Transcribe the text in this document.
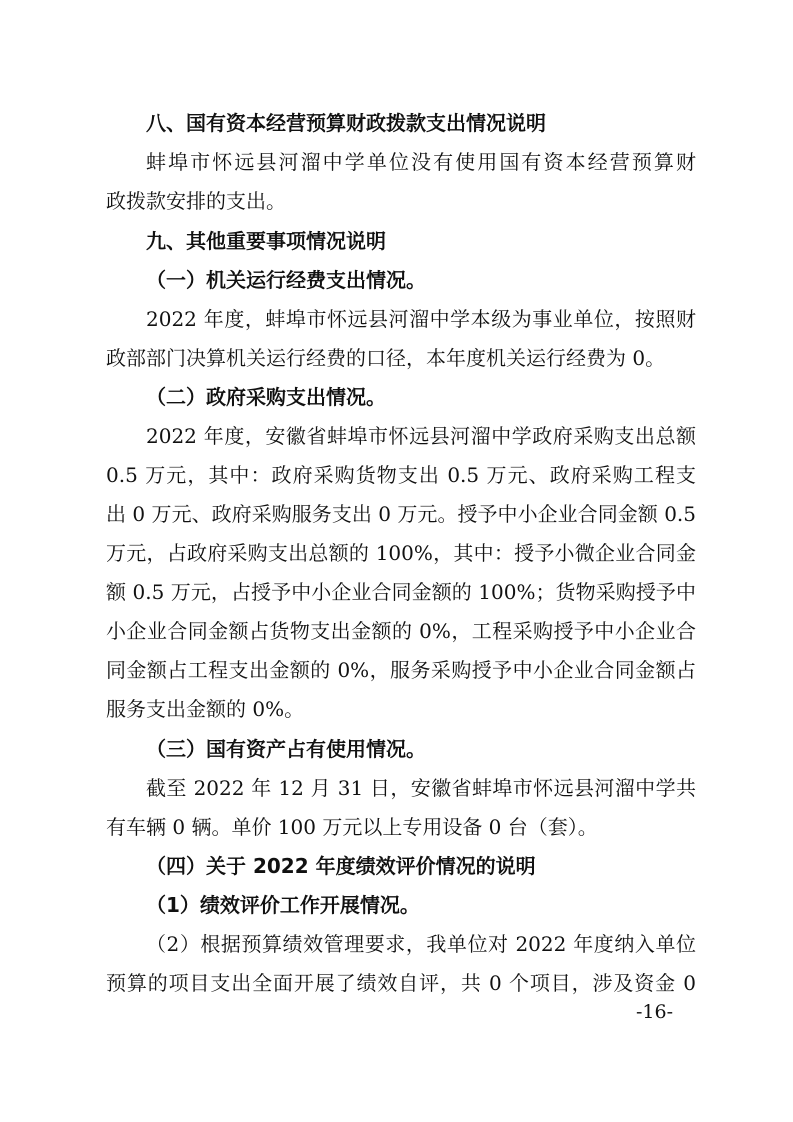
八、国有资本经营预算财政拨款支出情况说明
蚌埠市怀远县河溜中学单位没有使用国有资本经营预算财
政拨款安排的支出。
九、其他重要事项情况说明
（一）机关运行经费支出情况。
2022 年度，蚌埠市怀远县河溜中学本级为事业单位，按照财
政部部门决算机关运行经费的口径，本年度机关运行经费为 0。
（二）政府采购支出情况。
2022 年度，安徽省蚌埠市怀远县河溜中学政府采购支出总额
0.5 万元，其中：政府采购货物支出 0.5 万元、政府采购工程支
出 0 万元、政府采购服务支出 0 万元。授予中小企业合同金额 0.5
万元，占政府采购支出总额的 100%，其中：授予小微企业合同金
额 0.5 万元，占授予中小企业合同金额的 100%；货物采购授予中
小企业合同金额占货物支出金额的 0%，工程采购授予中小企业合
同金额占工程支出金额的 0%，服务采购授予中小企业合同金额占
服务支出金额的 0%。
（三）国有资产占有使用情况。
截至 2022 年 12 月 31 日，安徽省蚌埠市怀远县河溜中学共
有车辆 0 辆。单价 100 万元以上专用设备 0 台（套）。
（四）关于 2022 年度绩效评价情况的说明
（1）绩效评价工作开展情况。
（2）根据预算绩效管理要求，我单位对 2022 年度纳入单位
预算的项目支出全面开展了绩效自评，共 0 个项目，涉及资金 0
-16-
